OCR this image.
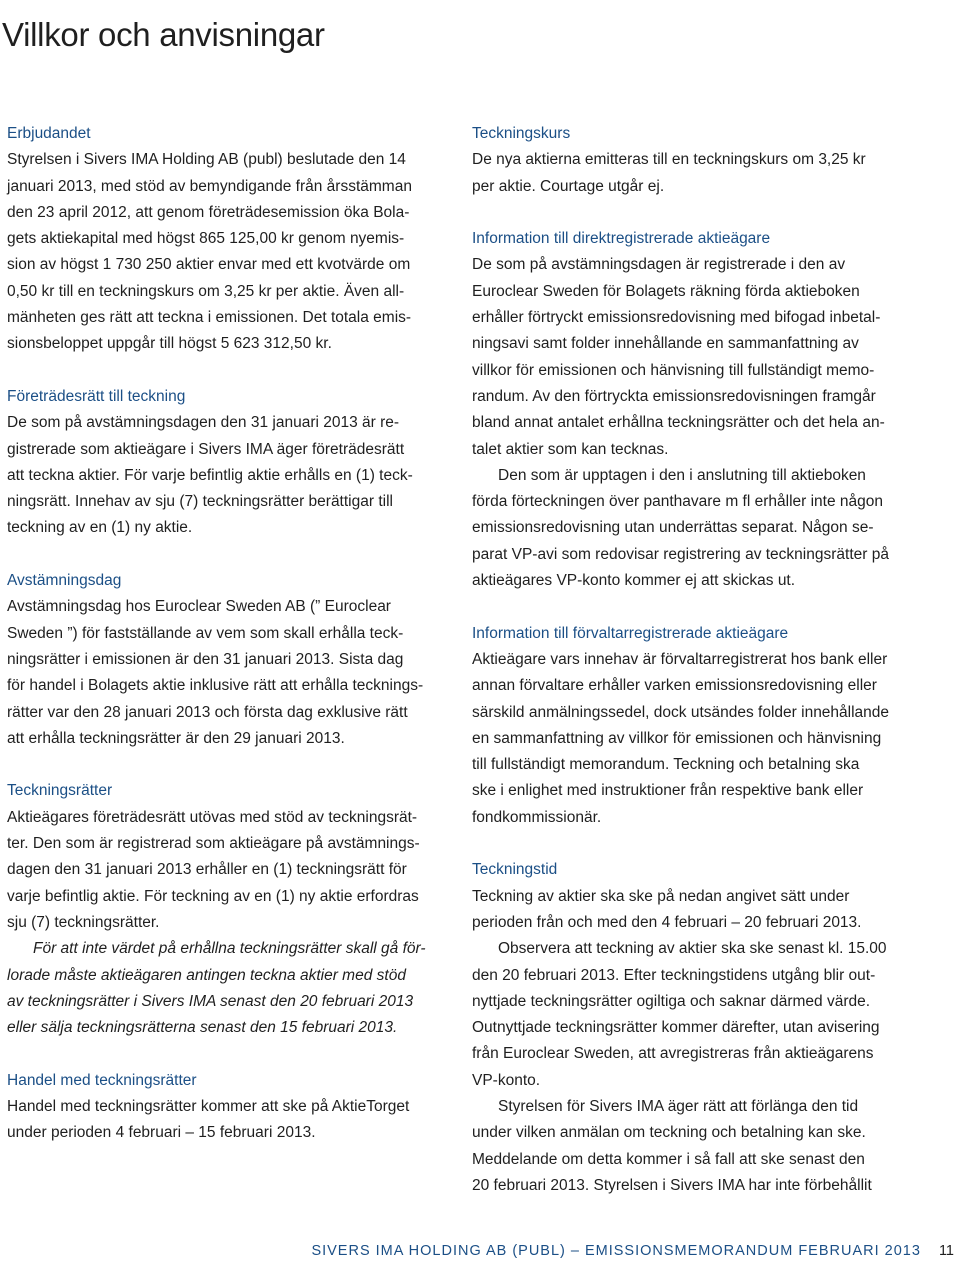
Villkor och anvisningar
Erbjudandet
Styrelsen i Sivers IMA Holding AB (publ) beslutade den 14
januari 2013, med stöd av bemyndigande från årsstämman
den 23 april 2012, att genom företrädesemission öka Bola-
gets aktiekapital med högst 865 125,00 kr genom nyemis-
sion av högst 1 730 250 aktier envar med ett kvotvärde om
0,50 kr till en teckningskurs om 3,25 kr per aktie. Även all-
mänheten ges rätt att teckna i emissionen. Det totala emis-
sionsbeloppet uppgår till högst 5 623 312,50 kr.
Företrädesrätt till teckning
De som på avstämningsdagen den 31 januari 2013 är re-
gistrerade som aktieägare i Sivers IMA äger företrädesrätt
att teckna aktier. För varje befintlig aktie erhålls en (1) teck-
ningsrätt. Innehav av sju (7) teckningsrätter berättigar till
teckning av en (1) ny aktie.
Avstämningsdag
Avstämningsdag hos Euroclear Sweden AB (” Euroclear
Sweden ”) för fastställande av vem som skall erhålla teck-
ningsrätter i emissionen är den 31 januari 2013. Sista dag
för handel i Bolagets aktie inklusive rätt att erhålla tecknings-
rätter var den 28 januari 2013 och första dag exklusive rätt
att erhålla teckningsrätter är den 29 januari 2013.
Teckningsrätter
Aktieägares företrädesrätt utövas med stöd av teckningsrät-
ter. Den som är registrerad som aktieägare på avstämnings-
dagen den 31 januari 2013 erhåller en (1) teckningsrätt för
varje befintlig aktie. För teckning av en (1) ny aktie erfordras
sju (7) teckningsrätter.
För att inte värdet på erhållna teckningsrätter skall gå för-
lorade måste aktieägaren antingen teckna aktier med stöd
av teckningsrätter i Sivers IMA senast den 20 februari 2013
eller sälja teckningsrätterna senast den 15 februari 2013.
Handel med teckningsrätter
Handel med teckningsrätter kommer att ske på AktieTorget
under perioden 4 februari – 15 februari 2013.
Teckningskurs
De nya aktierna emitteras till en teckningskurs om 3,25 kr
per aktie. Courtage utgår ej.
Information till direktregistrerade aktieägare
De som på avstämningsdagen är registrerade i den av
Euroclear Sweden för Bolagets räkning förda aktieboken
erhåller förtryckt emissionsredovisning med bifogad inbetal-
ningsavi samt folder innehållande en sammanfattning av
villkor för emissionen och hänvisning till fullständigt memo-
randum. Av den förtryckta emissionsredovisningen framgår
bland annat antalet erhållna teckningsrätter och det hela an-
talet aktier som kan tecknas.
Den som är upptagen i den i anslutning till aktieboken
förda förteckningen över panthavare m fl erhåller inte någon
emissionsredovisning utan underrättas separat. Någon se-
parat VP-avi som redovisar registrering av teckningsrätter på
aktieägares VP-konto kommer ej att skickas ut.
Information till förvaltarregistrerade aktieägare
Aktieägare vars innehav är förvaltarregistrerat hos bank eller
annan förvaltare erhåller varken emissionsredovisning eller
särskild anmälningssedel, dock utsändes folder innehållande
en sammanfattning av villkor för emissionen och hänvisning
till fullständigt memorandum. Teckning och betalning ska
ske i enlighet med instruktioner från respektive bank eller
fondkommissionär.
Teckningstid
Teckning av aktier ska ske på nedan angivet sätt under
perioden från och med den 4 februari – 20 februari 2013.
Observera att teckning av aktier ska ske senast kl. 15.00
den 20 februari 2013. Efter teckningstidens utgång blir out-
nyttjade teckningsrätter ogiltiga och saknar därmed värde.
Outnyttjade teckningsrätter kommer därefter, utan avisering
från Euroclear Sweden, att avregistreras från aktieägarens
VP-konto.
Styrelsen för Sivers IMA äger rätt att förlänga den tid
under vilken anmälan om teckning och betalning kan ske.
Meddelande om detta kommer i så fall att ske senast den
20 februari 2013. Styrelsen i Sivers IMA har inte förbehållit
SIVERS IMA HOLDING AB (PUBL) – EMISSIONSMEMORANDUM FEBRUARI 2013 11
